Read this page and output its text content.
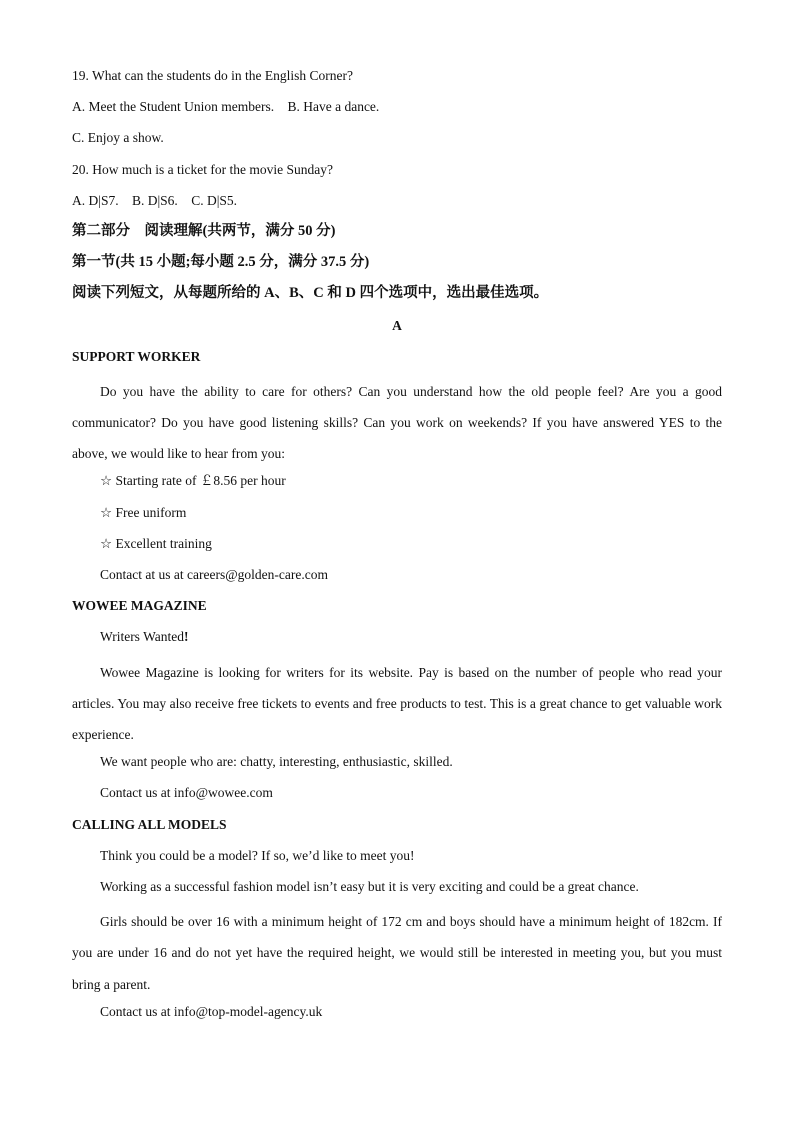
19. What can the students do in the English Corner?
A. Meet the Student Union members. B. Have a dance.
C. Enjoy a show.
20. How much is a ticket for the movie Sunday?
A. D|S7. B. D|S6. C. D|S5.
第二部分　阅读理解(共两节，满分 50 分)
第一节(共 15 小题;每小题 2.5 分，满分 37.5 分)
阅读下列短文，从每题所给的 A、B、C 和 D 四个选项中，选出最佳选项。
A
SUPPORT WORKER
Do you have the ability to care for others? Can you understand how the old people feel? Are you a good communicator? Do you have good listening skills? Can you work on weekends? If you have answered YES to the above, we would like to hear from you:
☆ Starting rate of ￡8.56 per hour
☆ Free uniform
☆ Excellent training
Contact at us at careers@golden-care.com
WOWEE MAGAZINE
Writers Wanted!
Wowee Magazine is looking for writers for its website. Pay is based on the number of people who read your articles. You may also receive free tickets to events and free products to test. This is a great chance to get valuable work experience.
We want people who are: chatty, interesting, enthusiastic, skilled.
Contact us at info@wowee.com
CALLING ALL MODELS
Think you could be a model? If so, we’d like to meet you!
Working as a successful fashion model isn’t easy but it is very exciting and could be a great chance.
Girls should be over 16 with a minimum height of 172 cm and boys should have a minimum height of 182cm. If you are under 16 and do not yet have the required height, we would still be interested in meeting you, but you must bring a parent.
Contact us at info@top-model-agency.uk
